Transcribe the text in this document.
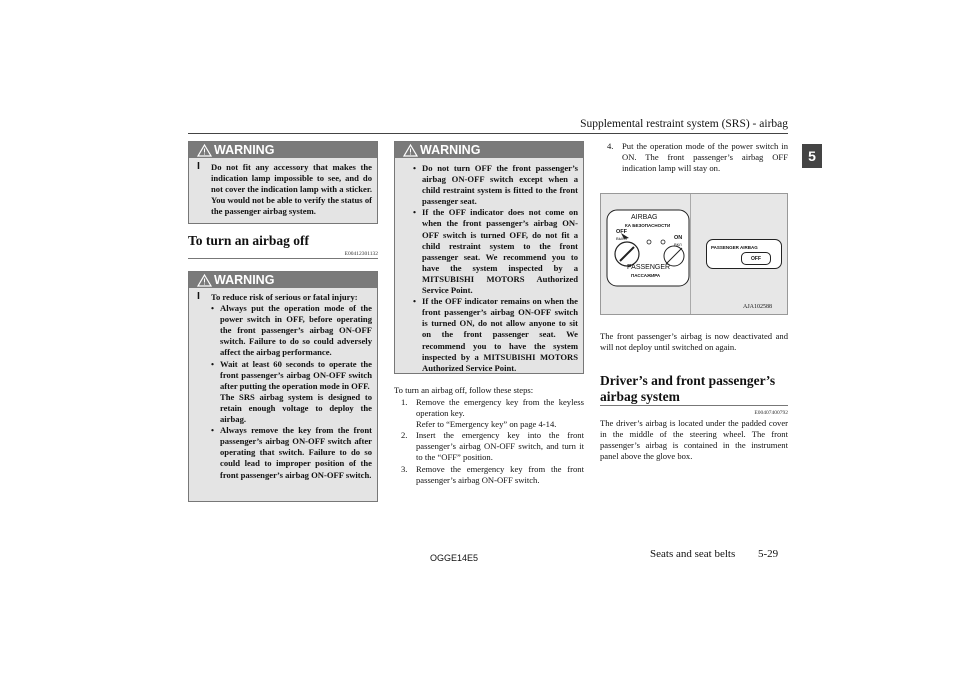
Supplemental restraint system (SRS) - airbag
5
WARNING
l	Do not fit any accessory that makes the indication lamp impossible to see, and do not cover the indication lamp with a sticker. You would not be able to verify the status of the passenger airbag system.
To turn an airbag off
E00412301132
WARNING
l	To reduce risk of serious or fatal injury:
• Always put the operation mode of the power switch in OFF, before operating the front passenger’s airbag ON-OFF switch. Failure to do so could adversely affect the airbag performance.
• Wait at least 60 seconds to operate the front passenger’s airbag ON-OFF switch after putting the operation mode in OFF.
The SRS airbag system is designed to retain enough voltage to deploy the airbag.
• Always remove the key from the front passenger’s airbag ON-OFF switch after operating that switch. Failure to do so could lead to improper position of the front passenger’s airbag ON-OFF switch.
WARNING
• Do not turn OFF the front passenger’s airbag ON-OFF switch except when a child restraint system is fitted to the front passenger seat.
• If the OFF indicator does not come on when the front passenger’s airbag ON-OFF switch is turned OFF, do not fit a child restraint system to the front passenger seat. We recommend you to have the system inspected by a MITSUBISHI MOTORS Authorized Service Point.
• If the OFF indicator remains on when the front passenger’s airbag ON-OFF switch is turned ON, do not allow anyone to sit on the front passenger seat. We recommend you to have the system inspected by a MITSUBISHI MOTORS Authorized Service Point.
To turn an airbag off, follow these steps:
1. Remove the emergency key from the keyless operation key.
Refer to “Emergency key” on page 4-14.
2. Insert the emergency key into the front passenger’s airbag ON-OFF switch, and turn it to the “OFF” position.
3. Remove the emergency key from the front passenger’s airbag ON-OFF switch.
4. Put the operation mode of the power switch in ON. The front passenger’s airbag OFF indication lamp will stay on.
AIRBAG
КА БЕЗОПАСНОСТИ
OFF
ВЫКЛ	ON
ВКЛ
PASSENGER
ПАССАЖИРА
PASSENGER AIRBAG
OFF
AJA102588
The front passenger’s airbag is now deactivated and will not deploy until switched on again.
Driver’s and front passenger’s
airbag system
E00407400792
The driver’s airbag is located under the padded cover in the middle of the steering wheel. The front passenger’s airbag is contained in the instrument panel above the glove box.
OGGE14E5	Seats and seat belts 5-29
